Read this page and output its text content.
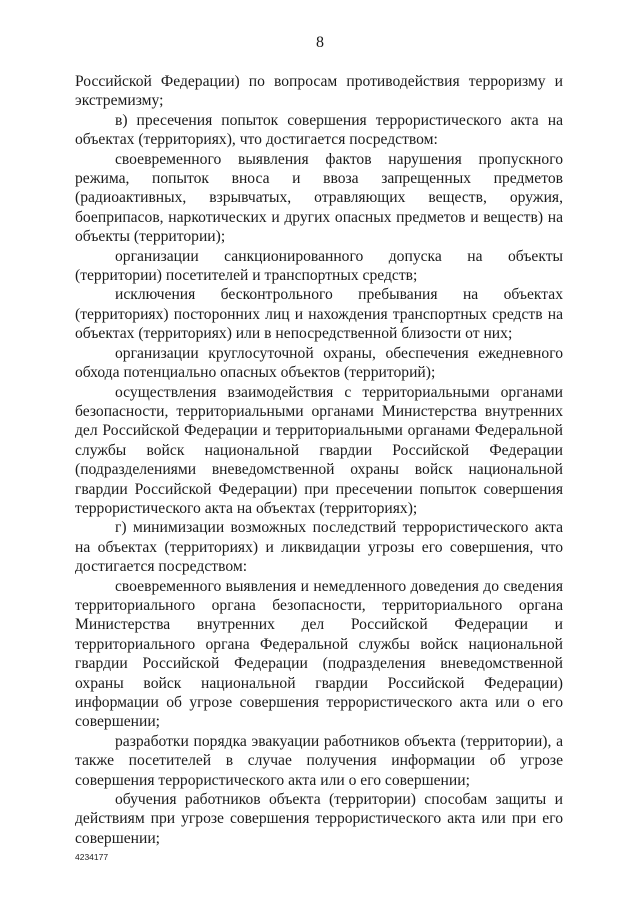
8

Российской Федерации) по вопросам противодействия терроризму и экстремизму;

в) пресечения попыток совершения террористического акта на объектах (территориях), что достигается посредством:

своевременного выявления фактов нарушения пропускного режима, попыток вноса и ввоза запрещенных предметов (радиоактивных, взрывчатых, отравляющих веществ, оружия, боеприпасов, наркотических и других опасных предметов и веществ) на объекты (территории);

организации санкционированного допуска на объекты (территории) посетителей и транспортных средств;

исключения бесконтрольного пребывания на объектах (территориях) посторонних лиц и нахождения транспортных средств на объектах (территориях) или в непосредственной близости от них;

организации круглосуточной охраны, обеспечения ежедневного обхода потенциально опасных объектов (территорий);

осуществления взаимодействия с территориальными органами безопасности, территориальными органами Министерства внутренних дел Российской Федерации и территориальными органами Федеральной службы войск национальной гвардии Российской Федерации (подразделениями вневедомственной охраны войск национальной гвардии Российской Федерации) при пресечении попыток совершения террористического акта на объектах (территориях);

г) минимизации возможных последствий террористического акта на объектах (территориях) и ликвидации угрозы его совершения, что достигается посредством:

своевременного выявления и немедленного доведения до сведения территориального органа безопасности, территориального органа Министерства внутренних дел Российской Федерации и территориального органа Федеральной службы войск национальной гвардии Российской Федерации (подразделения вневедомственной охраны войск национальной гвардии Российской Федерации) информации об угрозе совершения террористического акта или о его совершении;

разработки порядка эвакуации работников объекта (территории), а также посетителей в случае получения информации об угрозе совершения террористического акта или о его совершении;

обучения работников объекта (территории) способам защиты и действиям при угрозе совершения террористического акта или при его совершении;

4234177
